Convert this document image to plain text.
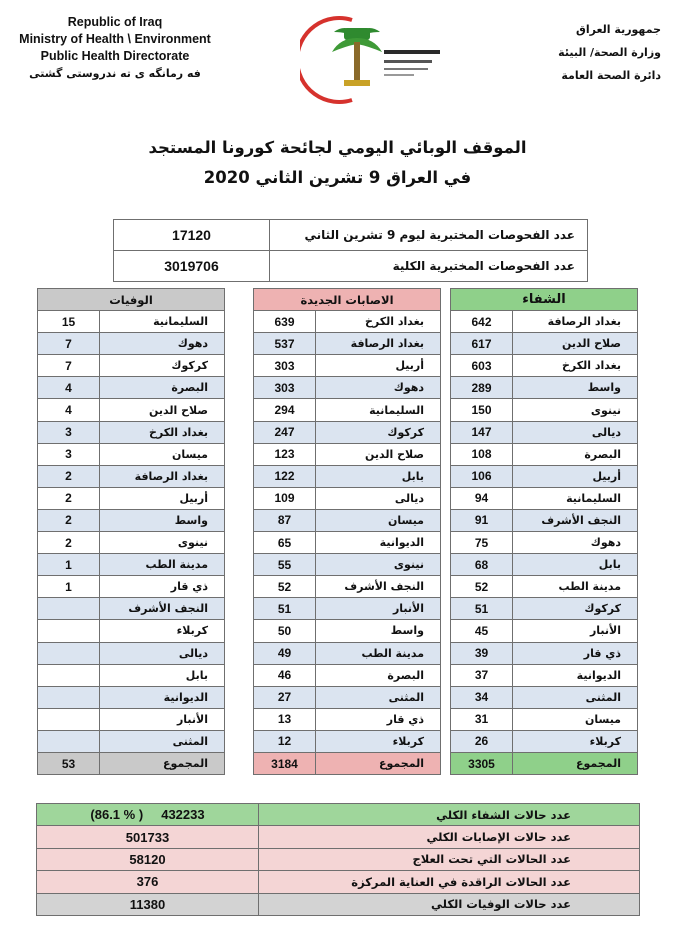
Republic of Iraq
Ministry of Health \ Environment
Public Health Directorate
فه رمانگه ى ته ندروستى گشتى
جمهورية العراق
وزارة الصحة/ البيئة
دائرة الصحة العامة
الموقف الوبائي اليومي لجائحة كورونا المستجد
في العراق 9 تشرين الثاني 2020
17120	عدد الفحوصات المختبرية ليوم 9 تشرين الثاني
3019706	عدد الفحوصات المختبرية الكلية
الوفيات	
15	السليمانية
7	دهوك
7	كركوك
4	البصرة
4	صلاح الدين
3	بغداد الكرخ
3	ميسان
2	بغداد الرصافة
2	أربيل
2	واسط
2	نينوى
1	مدينة الطب
1	ذي قار
	النجف الأشرف
	كربلاء
	ديالى
	بابل
	الديوانية
	الأنبار
	المثنى
53	المجموع
الاصابات الجديدة	
639	بغداد الكرخ
537	بغداد الرصافة
303	أربيل
303	دهوك
294	السليمانية
247	كركوك
123	صلاح الدين
122	بابل
109	ديالى
87	ميسان
65	الديوانية
55	نينوى
52	النجف الأشرف
51	الأنبار
50	واسط
49	مدينة الطب
46	البصرة
27	المثنى
13	ذي قار
12	كربلاء
3184	المجموع
الشفاء	
642	بغداد الرصافة
617	صلاح الدين
603	بغداد الكرخ
289	واسط
150	نينوى
147	ديالى
108	البصرة
106	أربيل
94	السليمانية
91	النجف الأشرف
75	دهوك
68	بابل
52	مدينة الطب
51	كركوك
45	الأنبار
39	ذي قار
37	الديوانية
34	المثنى
31	ميسان
26	كربلاء
3305	المجموع
(86.1 % )     432233	عدد حالات الشفاء الكلي
501733	عدد حالات الإصابات الكلي
58120	عدد الحالات التي تحت العلاج
376	عدد الحالات الراقدة في العناية المركزة
11380	عدد حالات الوفيات الكلي
